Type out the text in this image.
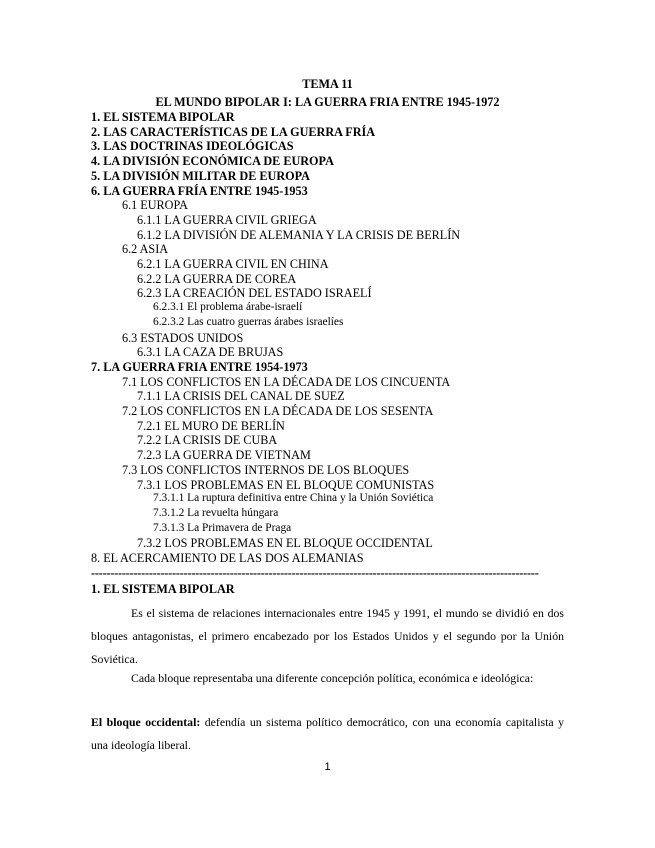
TEMA 11
EL MUNDO BIPOLAR I: LA GUERRA FRIA ENTRE 1945-1972
1. EL SISTEMA BIPOLAR
2. LAS CARACTERÍSTICAS DE LA GUERRA FRÍA
3. LAS DOCTRINAS IDEOLÓGICAS
4. LA DIVISIÓN ECONÓMICA DE EUROPA
5. LA DIVISIÓN MILITAR DE EUROPA
6. LA GUERRA FRÍA ENTRE 1945-1953
6.1 EUROPA
6.1.1 LA GUERRA CIVIL GRIEGA
6.1.2 LA DIVISIÓN DE ALEMANIA Y LA CRISIS DE BERLÍN
6.2 ASIA
6.2.1 LA GUERRA CIVIL EN CHINA
6.2.2 LA GUERRA DE COREA
6.2.3 LA CREACIÓN DEL ESTADO ISRAELÍ
6.2.3.1 El problema árabe-israelí
6.2.3.2 Las cuatro guerras árabes israelíes
6.3 ESTADOS UNIDOS
6.3.1 LA CAZA DE BRUJAS
7. LA GUERRA FRIA ENTRE 1954-1973
7.1 LOS CONFLICTOS EN LA DÉCADA DE LOS CINCUENTA
7.1.1 LA CRISIS DEL CANAL DE SUEZ
7.2 LOS CONFLICTOS EN LA DÉCADA DE LOS SESENTA
7.2.1 EL MURO DE BERLÍN
7.2.2 LA CRISIS DE CUBA
7.2.3 LA GUERRA DE VIETNAM
7.3 LOS CONFLICTOS INTERNOS DE LOS BLOQUES
7.3.1 LOS PROBLEMAS EN EL BLOQUE COMUNISTAS
7.3.1.1 La ruptura definitiva entre China y la Unión Soviética
7.3.1.2 La revuelta húngara
7.3.1.3 La Primavera de Praga
7.3.2 LOS PROBLEMAS EN EL BLOQUE OCCIDENTAL
8. EL ACERCAMIENTO DE LAS DOS ALEMANIAS
--------------------------------------------------------------------------------------------------------------------
1. EL SISTEMA BIPOLAR
Es el sistema de relaciones internacionales entre 1945 y 1991, el mundo se dividió en dos bloques antagonistas, el primero encabezado por los Estados Unidos y el segundo por la Unión Soviética.
Cada bloque representaba una diferente concepción política, económica e ideológica:
El bloque occidental: defendía un sistema político democrático, con una economía capitalista y una ideología liberal.
1
